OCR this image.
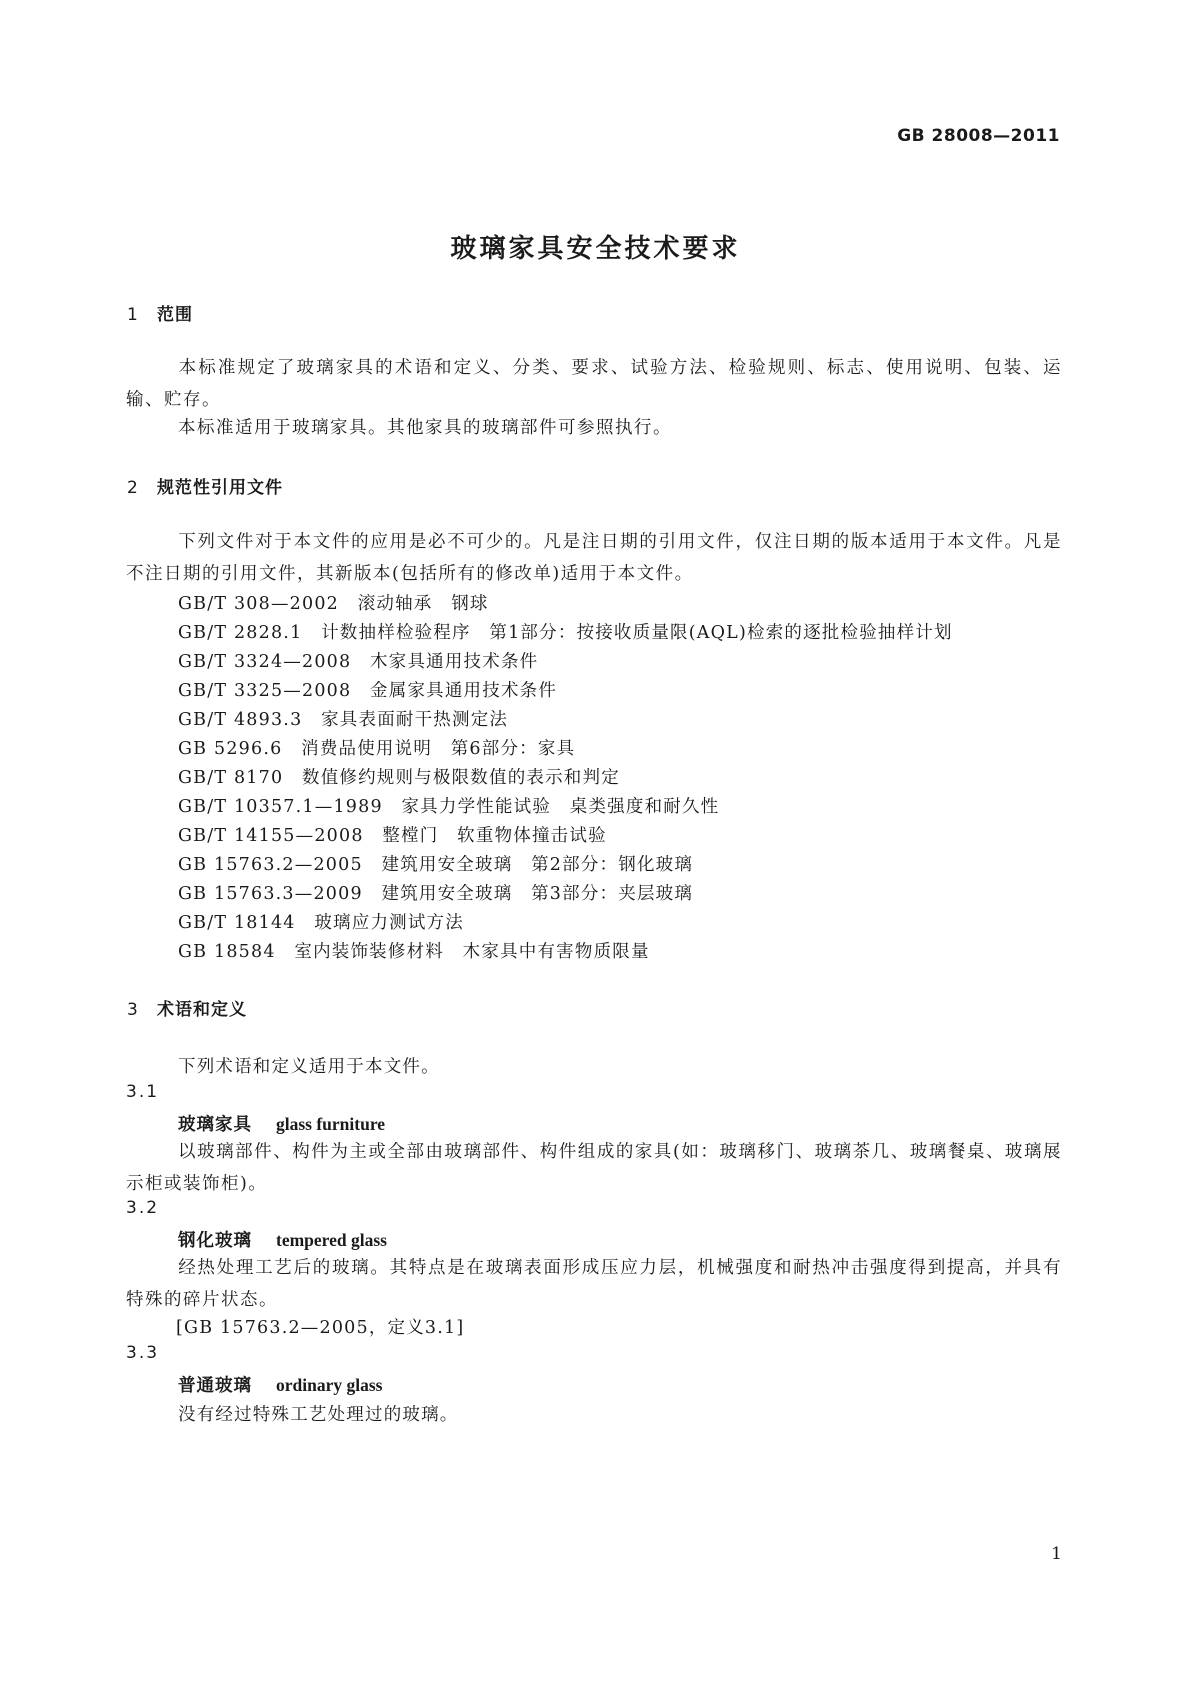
GB 28008—2011
玻璃家具安全技术要求
1 范围
本标准规定了玻璃家具的术语和定义、分类、要求、试验方法、检验规则、标志、使用说明、包装、运输、贮存。
本标准适用于玻璃家具。其他家具的玻璃部件可参照执行。
2 规范性引用文件
下列文件对于本文件的应用是必不可少的。凡是注日期的引用文件，仅注日期的版本适用于本文件。凡是不注日期的引用文件，其新版本(包括所有的修改单)适用于本文件。
GB/T 308—2002　滚动轴承　钢球
GB/T 2828.1　计数抽样检验程序　第1部分：按接收质量限(AQL)检索的逐批检验抽样计划
GB/T 3324—2008　木家具通用技术条件
GB/T 3325—2008　金属家具通用技术条件
GB/T 4893.3　家具表面耐干热测定法
GB 5296.6　消费品使用说明　第6部分：家具
GB/T 8170　数值修约规则与极限数值的表示和判定
GB/T 10357.1—1989　家具力学性能试验　桌类强度和耐久性
GB/T 14155—2008　整樘门　软重物体撞击试验
GB 15763.2—2005　建筑用安全玻璃　第2部分：钢化玻璃
GB 15763.3—2009　建筑用安全玻璃　第3部分：夹层玻璃
GB/T 18144　玻璃应力测试方法
GB 18584　室内装饰装修材料　木家具中有害物质限量
3 术语和定义
下列术语和定义适用于本文件。
3.1
玻璃家具 glass furniture
以玻璃部件、构件为主或全部由玻璃部件、构件组成的家具(如：玻璃移门、玻璃茶几、玻璃餐桌、玻璃展示柜或装饰柜)。
3.2
钢化玻璃 tempered glass
经热处理工艺后的玻璃。其特点是在玻璃表面形成压应力层，机械强度和耐热冲击强度得到提高，并具有特殊的碎片状态。
[GB 15763.2—2005，定义3.1]
3.3
普通玻璃 ordinary glass
没有经过特殊工艺处理过的玻璃。
1
